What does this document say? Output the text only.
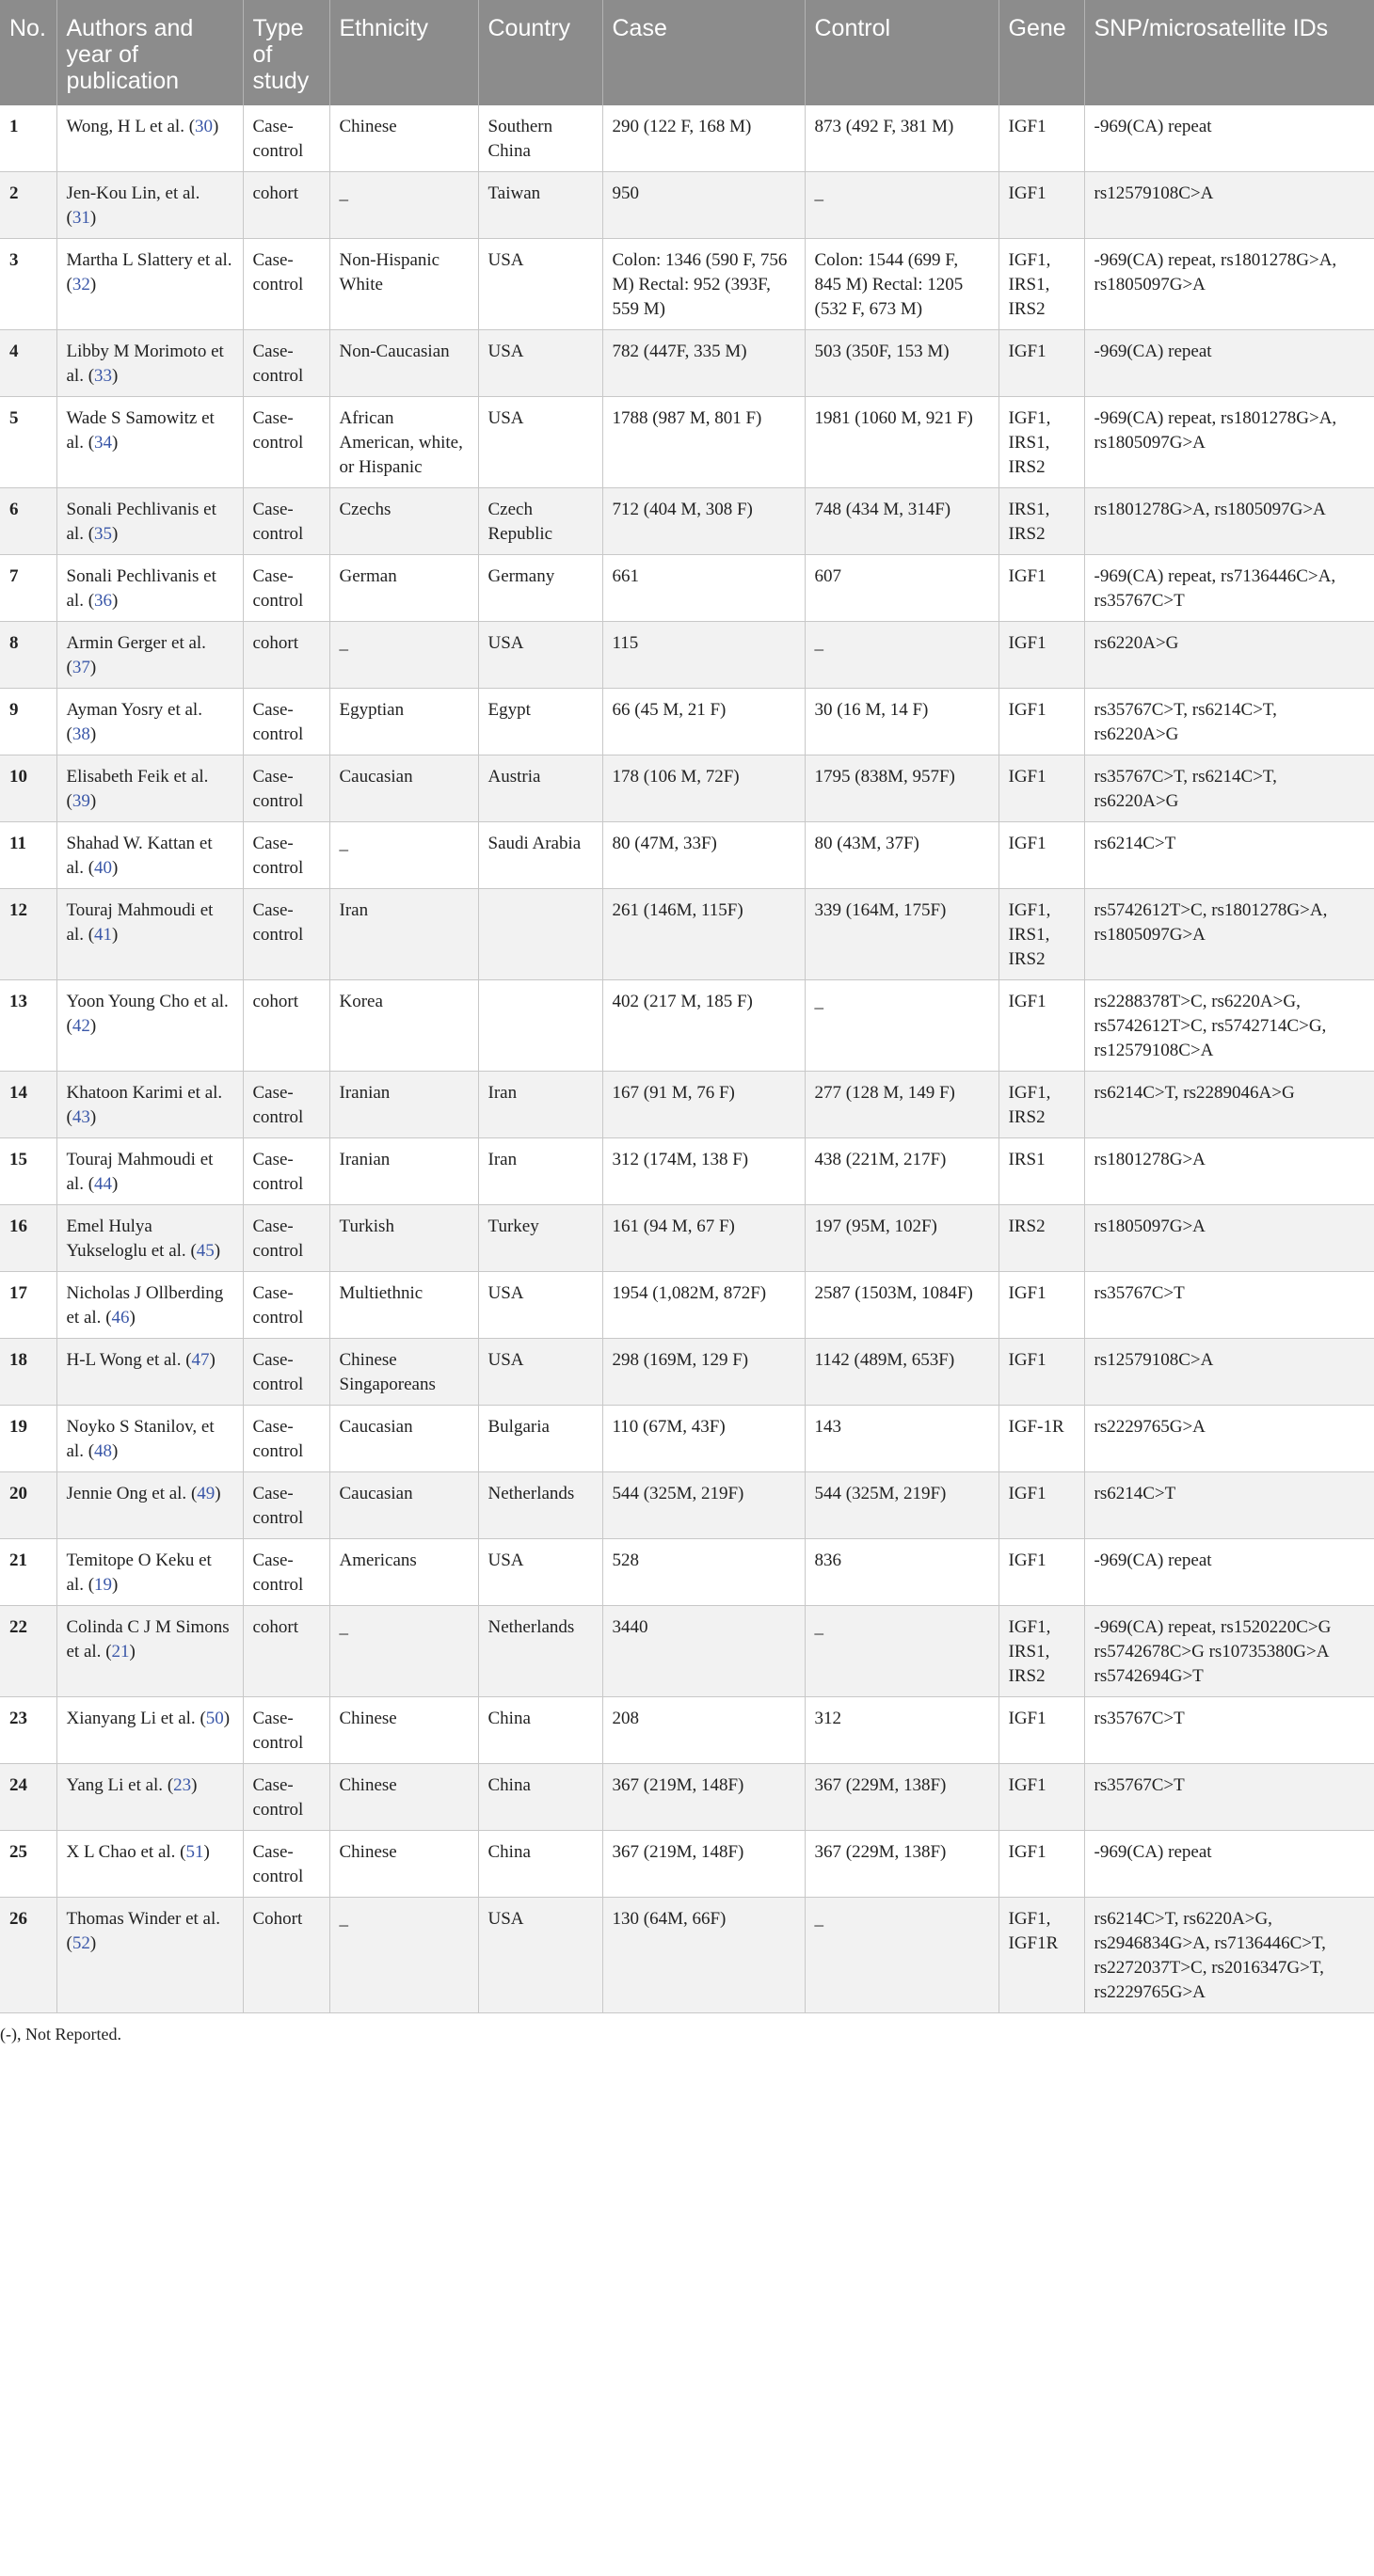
No.	Authors and year of publication	Type of study	Ethnicity	Country	Case	Control	Gene	SNP/microsatellite IDs
1	Wong, H L et al. (30)	Case-control	Chinese	Southern China	290 (122 F, 168 M)	873 (492 F, 381 M)	IGF1	-969(CA) repeat
2	Jen-Kou Lin, et al. (31)	cohort	_	Taiwan	950	_	IGF1	rs12579108C>A
3	Martha L Slattery et al. (32)	Case-control	Non-Hispanic White	USA	Colon: 1346 (590 F, 756 M) Rectal: 952 (393F, 559 M)	Colon: 1544 (699 F, 845 M) Rectal: 1205 (532 F, 673 M)	IGF1, IRS1, IRS2	-969(CA) repeat, rs1801278G>A, rs1805097G>A
4	Libby M Morimoto et al. (33)	Case-control	Non-Caucasian	USA	782 (447F, 335 M)	503 (350F, 153 M)	IGF1	-969(CA) repeat
5	Wade S Samowitz et al. (34)	Case-control	African American, white, or Hispanic	USA	1788 (987 M, 801 F)	1981 (1060 M, 921 F)	IGF1, IRS1, IRS2	-969(CA) repeat, rs1801278G>A, rs1805097G>A
6	Sonali Pechlivanis et al. (35)	Case-control	Czechs	Czech Republic	712 (404 M, 308 F)	748 (434 M, 314F)	IRS1, IRS2	rs1801278G>A, rs1805097G>A
7	Sonali Pechlivanis et al. (36)	Case-control	German	Germany	661	607	IGF1	-969(CA) repeat, rs7136446C>A, rs35767C>T
8	Armin Gerger et al. (37)	cohort	_	USA	115	_	IGF1	rs6220A>G
9	Ayman Yosry et al. (38)	Case-control	Egyptian	Egypt	66 (45 M, 21 F)	30 (16 M, 14 F)	IGF1	rs35767C>T, rs6214C>T, rs6220A>G
10	Elisabeth Feik et al. (39)	Case-control	Caucasian	Austria	178 (106 M, 72F)	1795 (838M, 957F)	IGF1	rs35767C>T, rs6214C>T, rs6220A>G
11	Shahad W. Kattan et al. (40)	Case-control	_	Saudi Arabia	80 (47M, 33F)	80 (43M, 37F)	IGF1	rs6214C>T
12	Touraj Mahmoudi et al. (41)	Case-control	Iran		261 (146M, 115F)	339 (164M, 175F)	IGF1, IRS1, IRS2	rs5742612T>C, rs1801278G>A, rs1805097G>A
13	Yoon Young Cho et al. (42)	cohort	Korea		402 (217 M, 185 F)	_	IGF1	rs2288378T>C, rs6220A>G, rs5742612T>C, rs5742714C>G, rs12579108C>A
14	Khatoon Karimi et al. (43)	Case-control	Iranian	Iran	167 (91 M, 76 F)	277 (128 M, 149 F)	IGF1, IRS2	rs6214C>T, rs2289046A>G
15	Touraj Mahmoudi et al. (44)	Case-control	Iranian	Iran	312 (174M, 138 F)	438 (221M, 217F)	IRS1	rs1801278G>A
16	Emel Hulya Yukseloglu et al. (45)	Case-control	Turkish	Turkey	161 (94 M, 67 F)	197 (95M, 102F)	IRS2	rs1805097G>A
17	Nicholas J Ollberding et al. (46)	Case-control	Multiethnic	USA	1954 (1,082M, 872F)	2587 (1503M, 1084F)	IGF1	rs35767C>T
18	H-L Wong et al. (47)	Case-control	Chinese Singaporeans	USA	298 (169M, 129 F)	1142 (489M, 653F)	IGF1	rs12579108C>A
19	Noyko S Stanilov, et al. (48)	Case-control	Caucasian	Bulgaria	110 (67M, 43F)	143	IGF-1R	rs2229765G>A
20	Jennie Ong et al. (49)	Case-control	Caucasian	Netherlands	544 (325M, 219F)	544 (325M, 219F)	IGF1	rs6214C>T
21	Temitope O Keku et al. (19)	Case-control	Americans	USA	528	836	IGF1	-969(CA) repeat
22	Colinda C J M Simons et al. (21)	cohort	_	Netherlands	3440	_	IGF1, IRS1, IRS2	-969(CA) repeat, rs1520220C>G rs5742678C>G rs10735380G>A rs5742694G>T
23	Xianyang Li et al. (50)	Case-control	Chinese	China	208	312	IGF1	rs35767C>T
24	Yang Li et al. (23)	Case-control	Chinese	China	367 (219M, 148F)	367 (229M, 138F)	IGF1	rs35767C>T
25	X L Chao et al. (51)	Case-control	Chinese	China	367 (219M, 148F)	367 (229M, 138F)	IGF1	-969(CA) repeat
26	Thomas Winder et al. (52)	Cohort	_	USA	130 (64M, 66F)	_	IGF1, IGF1R	rs6214C>T, rs6220A>G, rs2946834G>A, rs7136446C>T, rs2272037T>C, rs2016347G>T, rs2229765G>A
(-), Not Reported.
